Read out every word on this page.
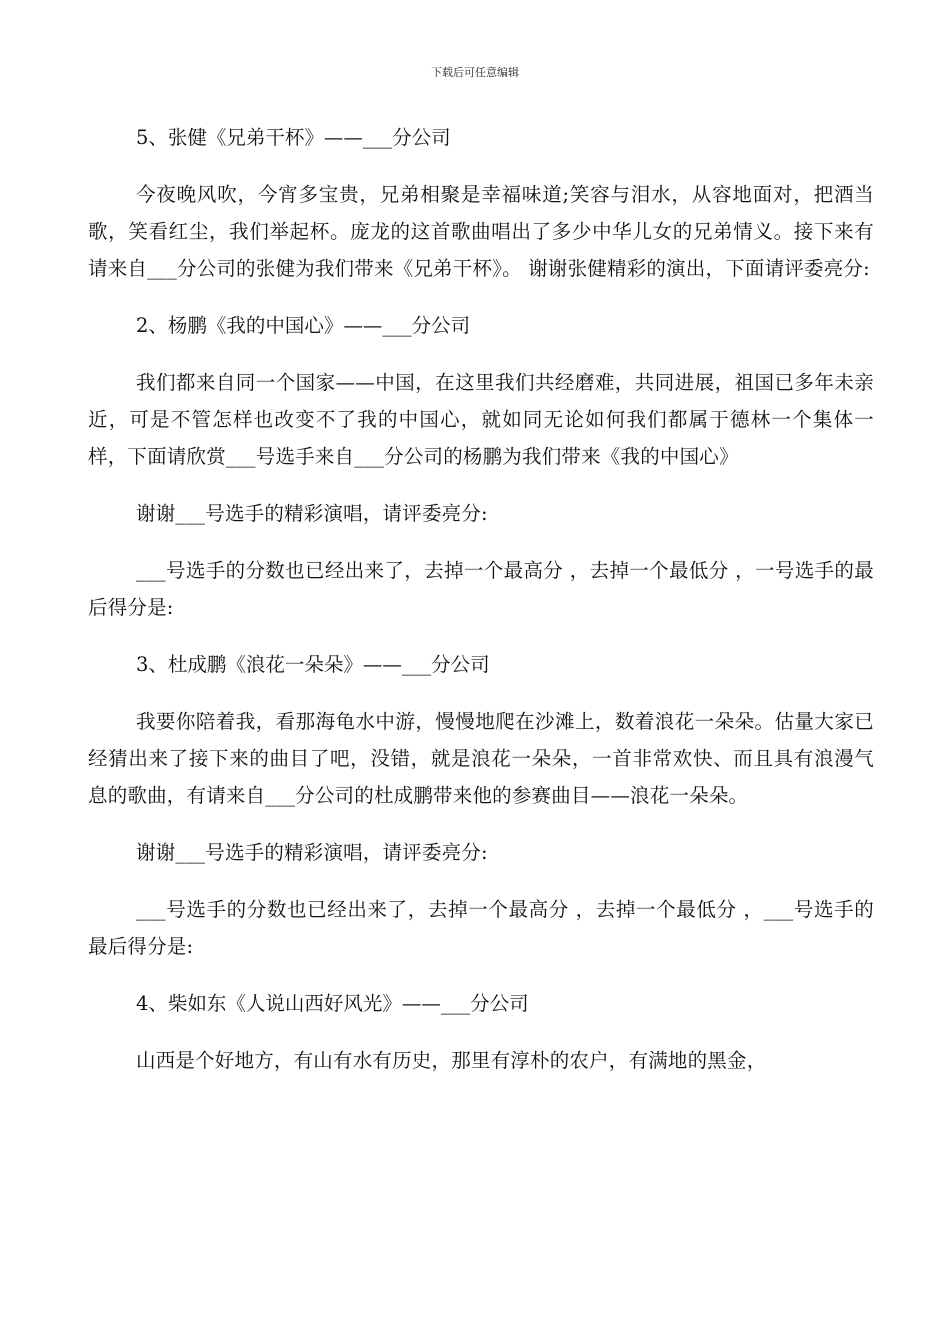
下载后可任意编辑

5、张健《兄弟干杯》——___分公司

今夜晚风吹，今宵多宝贵，兄弟相聚是幸福味道;笑容与泪水，从容地面对，把酒当歌，笑看红尘，我们举起杯。庞龙的这首歌曲唱出了多少中华儿女的兄弟情义。接下来有请来自___分公司的张健为我们带来《兄弟干杯》。 谢谢张健精彩的演出，下面请评委亮分:

2、杨鹏《我的中国心》——___分公司

我们都来自同一个国家——中国，在这里我们共经磨难，共同进展，祖国已多年未亲近，可是不管怎样也改变不了我的中国心，就如同无论如何我们都属于德林一个集体一样，下面请欣赏___号选手来自___分公司的杨鹏为我们带来《我的中国心》

谢谢___号选手的精彩演唱，请评委亮分:

___号选手的分数也已经出来了，去掉一个最高分 ，去掉一个最低分 ，一号选手的最后得分是:

3、杜成鹏《浪花一朵朵》——___分公司

我要你陪着我，看那海龟水中游，慢慢地爬在沙滩上，数着浪花一朵朵。估量大家已经猜出来了接下来的曲目了吧，没错，就是浪花一朵朵，一首非常欢快、而且具有浪漫气息的歌曲，有请来自___分公司的杜成鹏带来他的参赛曲目——浪花一朵朵。

谢谢___号选手的精彩演唱，请评委亮分:

___号选手的分数也已经出来了，去掉一个最高分 ，去掉一个最低分 ，___号选手的最后得分是:

4、柴如东《人说山西好风光》——___分公司

山西是个好地方，有山有水有历史，那里有淳朴的农户，有满地的黑金，
